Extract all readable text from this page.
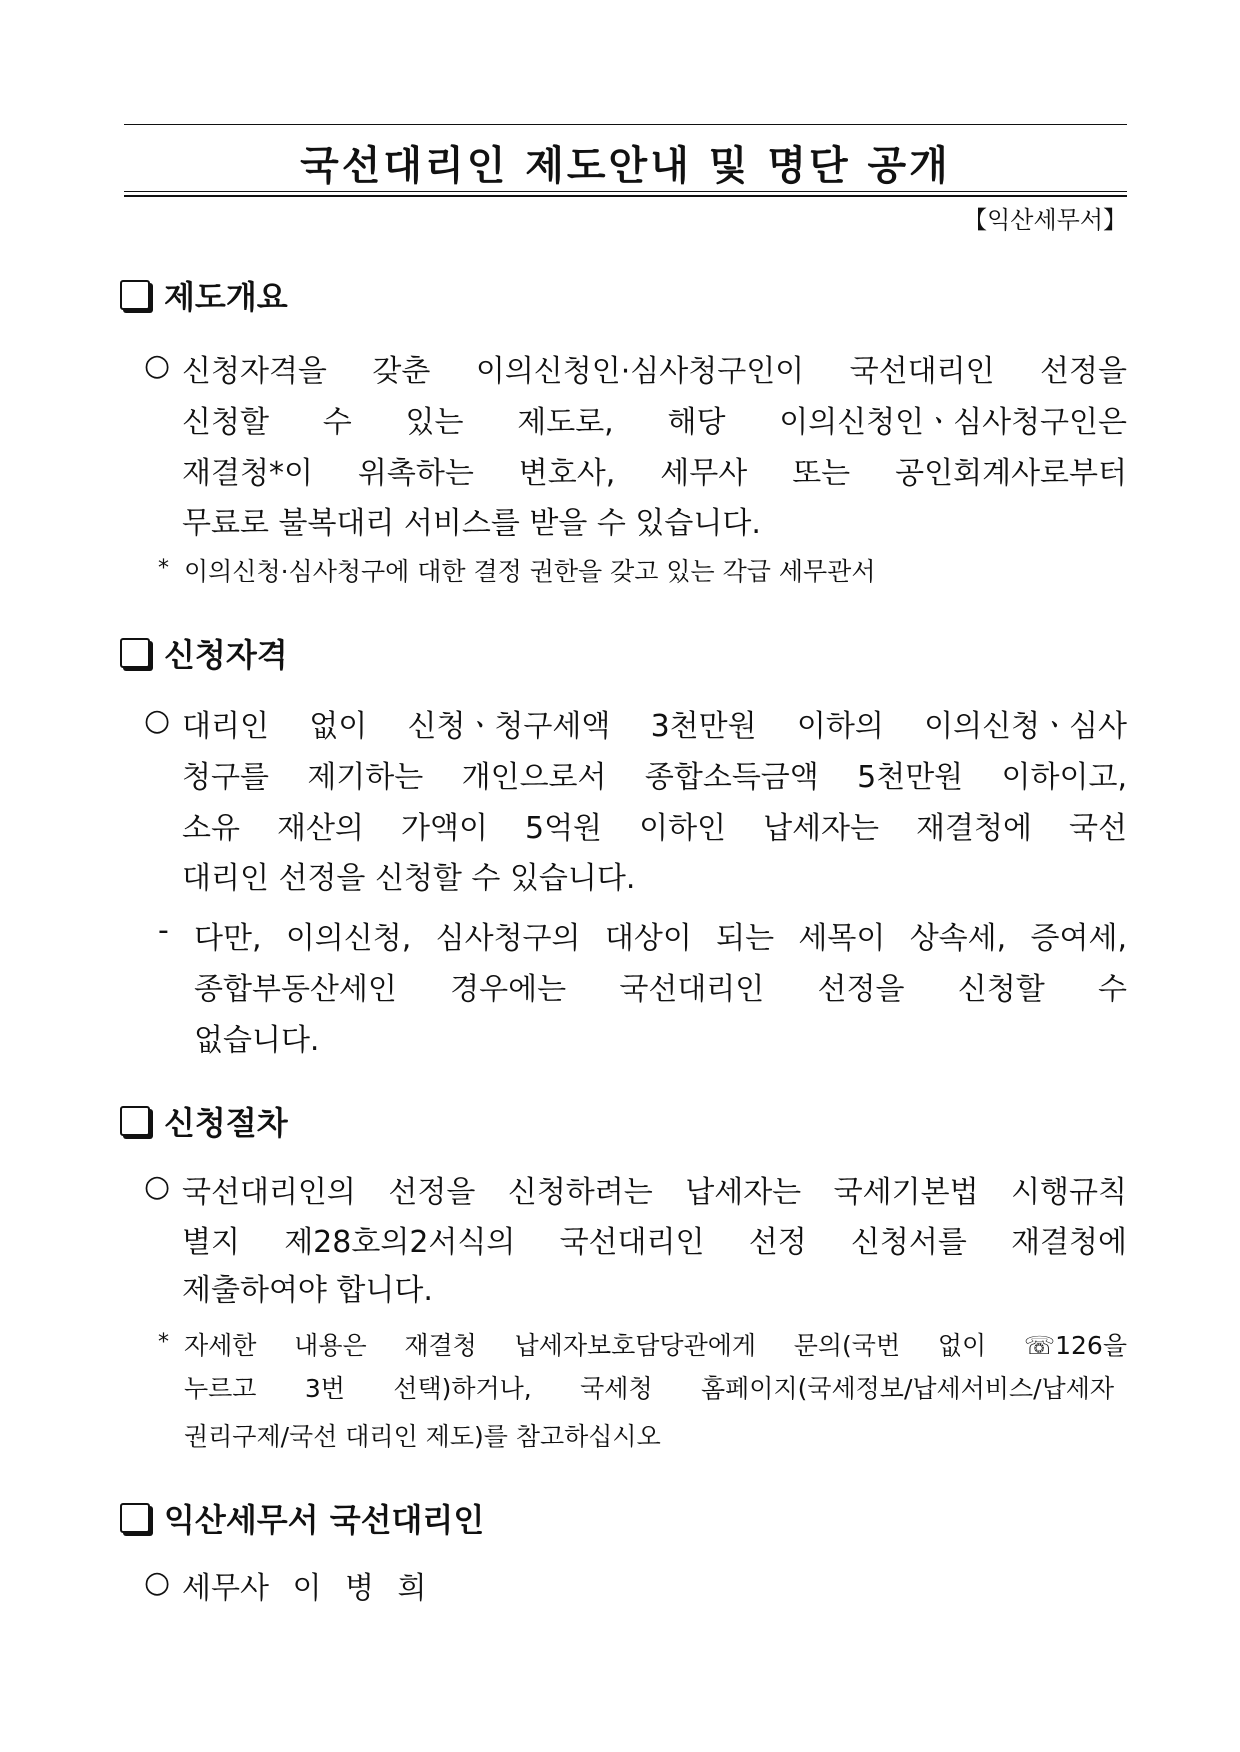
국선대리인 제도안내 및 명단 공개
【익산세무서】
제도개요
○ 신청자격을 갖춘 이의신청인·심사청구인이 국선대리인 선정을
신청할 수 있는 제도로, 해당 이의신청인ㆍ심사청구인은
재결청*이 위촉하는 변호사, 세무사 또는 공인회계사로부터
무료로 불복대리 서비스를 받을 수 있습니다.
* 이의신청·심사청구에 대한 결정 권한을 갖고 있는 각급 세무관서
신청자격
○ 대리인 없이 신청ㆍ청구세액 3천만원 이하의 이의신청ㆍ심사
청구를 제기하는 개인으로서 종합소득금액 5천만원 이하이고,
소유 재산의 가액이 5억원 이하인 납세자는 재결청에 국선
대리인 선정을 신청할 수 있습니다.
- 다만, 이의신청, 심사청구의 대상이 되는 세목이 상속세, 증여세,
종합부동산세인 경우에는 국선대리인 선정을 신청할 수
없습니다.
신청절차
○ 국선대리인의 선정을 신청하려는 납세자는 국세기본법 시행규칙
별지 제28호의2서식의 국선대리인 선정 신청서를 재결청에
제출하여야 합니다.
* 자세한 내용은 재결청 납세자보호담당관에게 문의(국번 없이 ☏126을
누르고 3번 선택)하거나, 국세청 홈페이지(국세정보/납세서비스/납세자
권리구제/국선 대리인 제도)를 참고하십시오
익산세무서 국선대리인
○ 세무사 이 병 희
